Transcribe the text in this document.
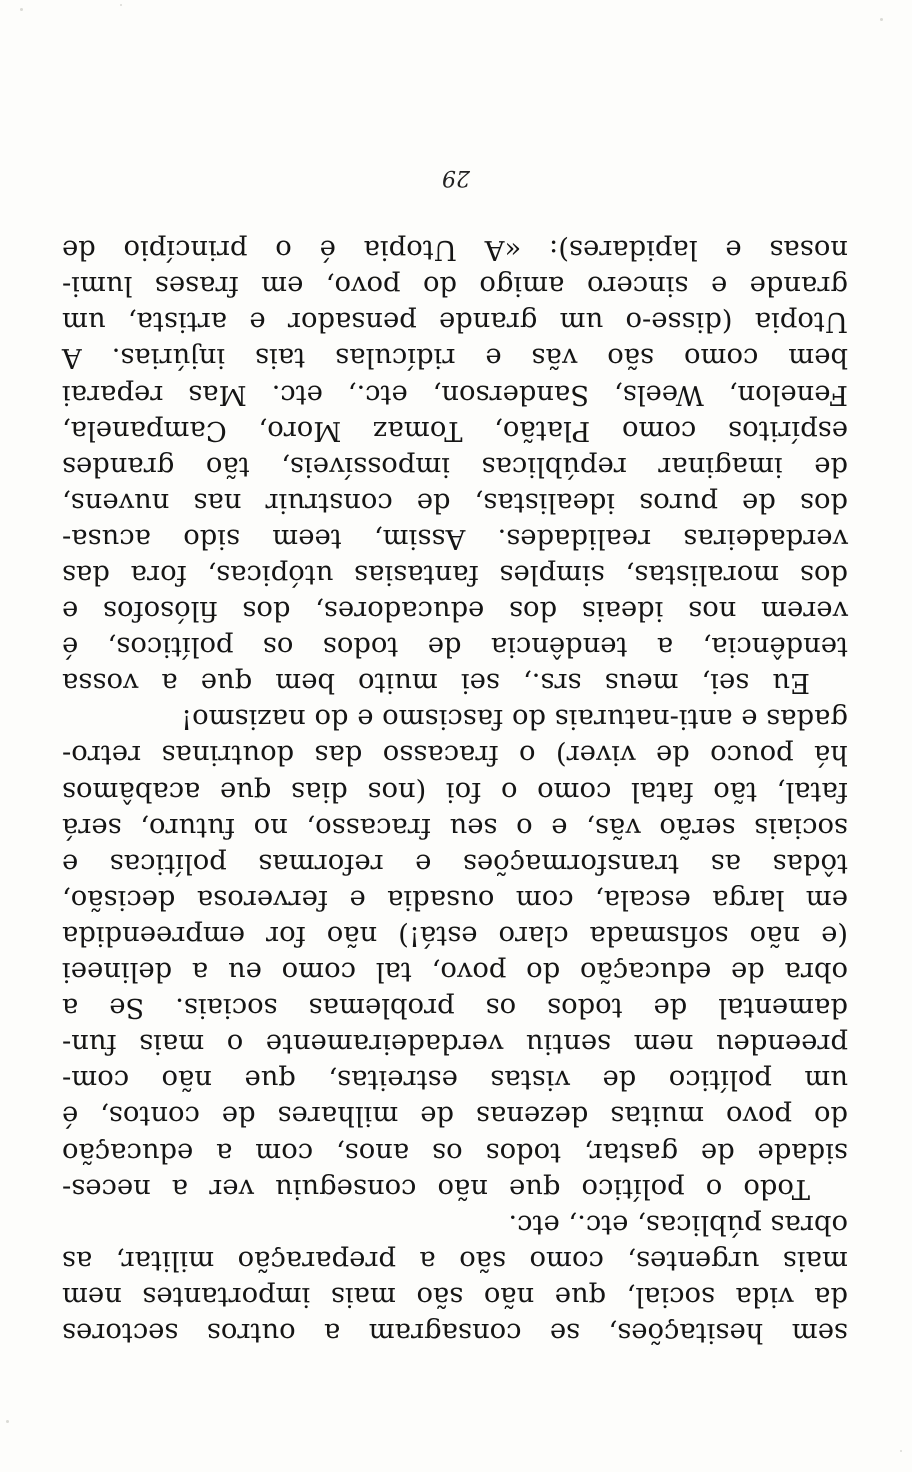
sem hesitações, se consagram a outros sectores
da vida social, que não são mais importantes nem
mais urgentes, como são a preparação militar, as
obras públicas, etc., etc.
Todo o político que não conseguiu ver a neces-
sidade de gastar, todos os anos, com a educação
do povo muitas dezenas de milhares de contos, é
um político de vistas estreitas, que não com-
preendeu nem sentiu verdadeiramente o mais fun-
damental de todos os problemas sociais. Se a
obra de educação do povo, tal como eu a delineei
(e não sofismada claro está!) não for empreendida
em larga escala, com ousadia e ferverosa decisão,
tôdas as transformações e reformas políticas e
sociais serão vãs, e o seu fracasso, no futuro, será
fatal, tão fatal como o foi (nos dias que acabâmos
há pouco de viver) o fracasso das doutrinas retro-
gadas e anti-naturais do fascismo e do nazismo!
Eu sei, meus srs., sei muito bem que a vossa
tendência, a tendência de todos os políticos, é
verem nos ideais dos educadores, dos filósofos e
dos moralistas, simples fantasias utópicas, fora das
verdadeiras realidades. Assim, teem sido acusa-
dos de puros idealistas, de construir nas nuvens,
de imaginar repúblicas impossíveis, tão grandes
espíritos como Platão, Tomaz Moro, Campanela,
Fenelon, Weels, Sanderson, etc., etc. Mas reparai
bem como são vãs e ridículas tais injúrias. A
Utopia (disse-o um grande pensador e artista, um
grande e sincero amigo do povo, em frases lumi-
nosas e lapidares): «A Utopia é o princípio de
29
